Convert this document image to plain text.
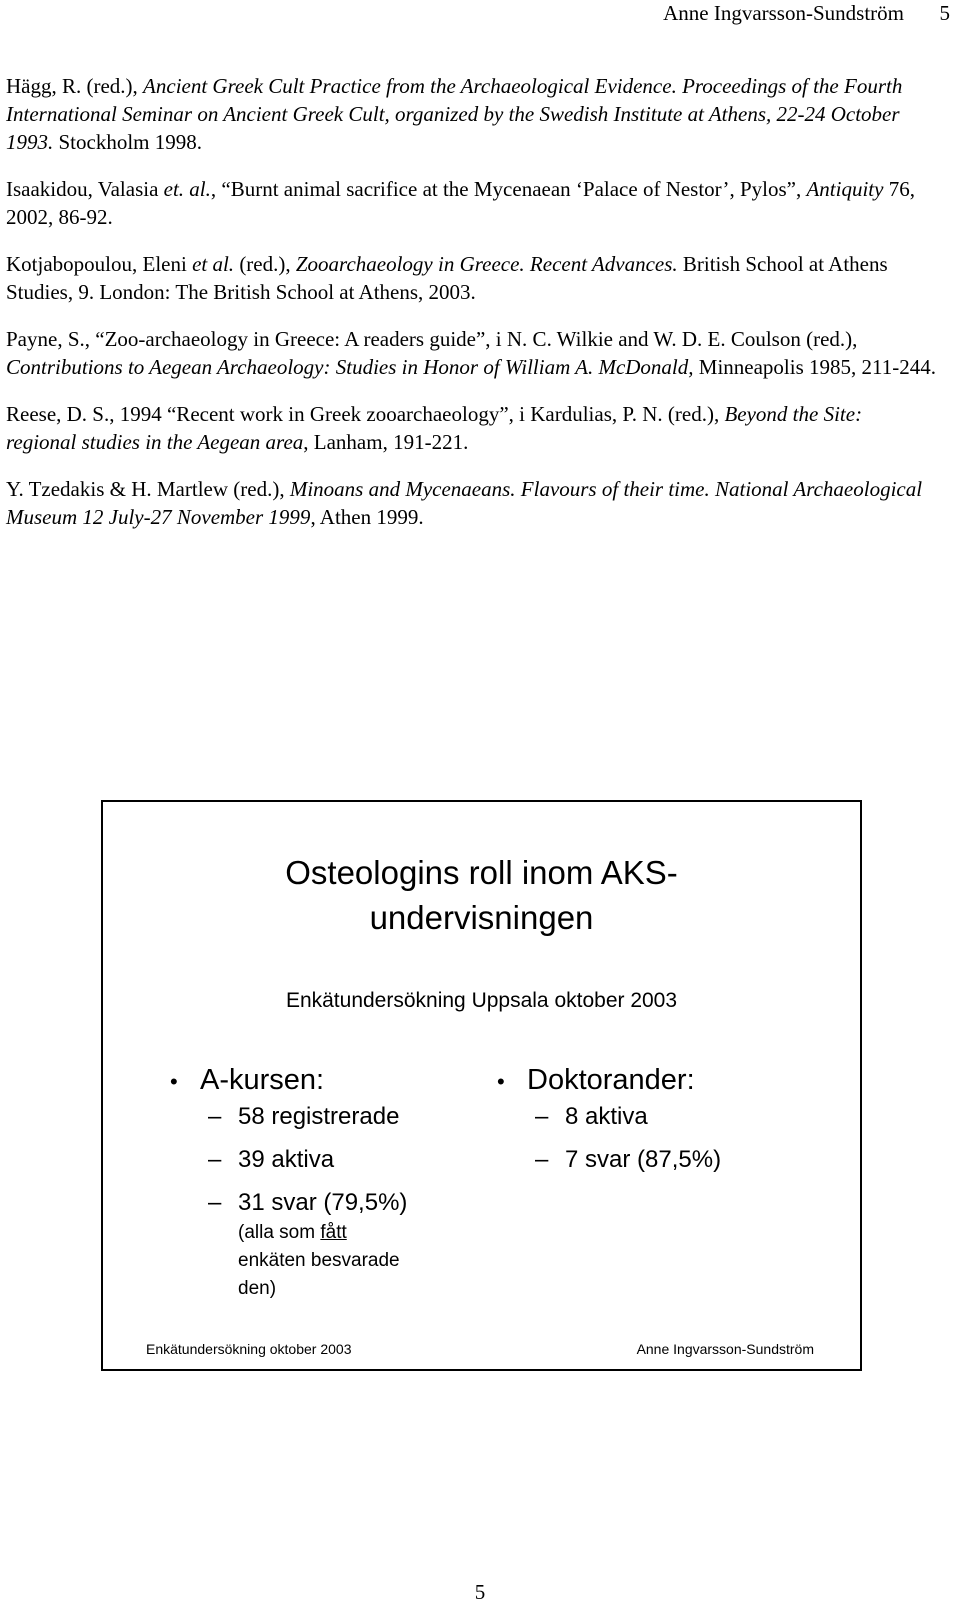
Anne Ingvarsson-Sundström 5

Hägg, R. (red.), Ancient Greek Cult Practice from the Archaeological Evidence. Proceedings of the Fourth International Seminar on Ancient Greek Cult, organized by the Swedish Institute at Athens, 22-24 October 1993. Stockholm 1998.

Isaakidou, Valasia et. al., “Burnt animal sacrifice at the Mycenaean ‘Palace of Nestor’, Pylos”, Antiquity 76, 2002, 86-92.

Kotjabopoulou, Eleni et al. (red.), Zooarchaeology in Greece. Recent Advances. British School at Athens Studies, 9. London: The British School at Athens, 2003.

Payne, S., “Zoo-archaeology in Greece: A readers guide”, i N. C. Wilkie and W. D. E. Coulson (red.), Contributions to Aegean Archaeology: Studies in Honor of William A. McDonald, Minneapolis 1985, 211-244.

Reese, D. S., 1994 “Recent work in Greek zooarchaeology”, i Kardulias, P. N. (red.), Beyond the Site: regional studies in the Aegean area, Lanham, 191-221.

Y. Tzedakis & H. Martlew (red.), Minoans and Mycenaeans. Flavours of their time. National Archaeological Museum 12 July-27 November 1999, Athen 1999.

Osteologins roll inom AKS-
undervisningen
Enkätundersökning Uppsala oktober 2003
• A-kursen:
– 58 registrerade
– 39 aktiva
– 31 svar (79,5%)
(alla som fått
enkäten besvarade
den)
• Doktorander:
– 8 aktiva
– 7 svar (87,5%)
Enkätundersökning oktober 2003	Anne Ingvarsson-Sundström
5
